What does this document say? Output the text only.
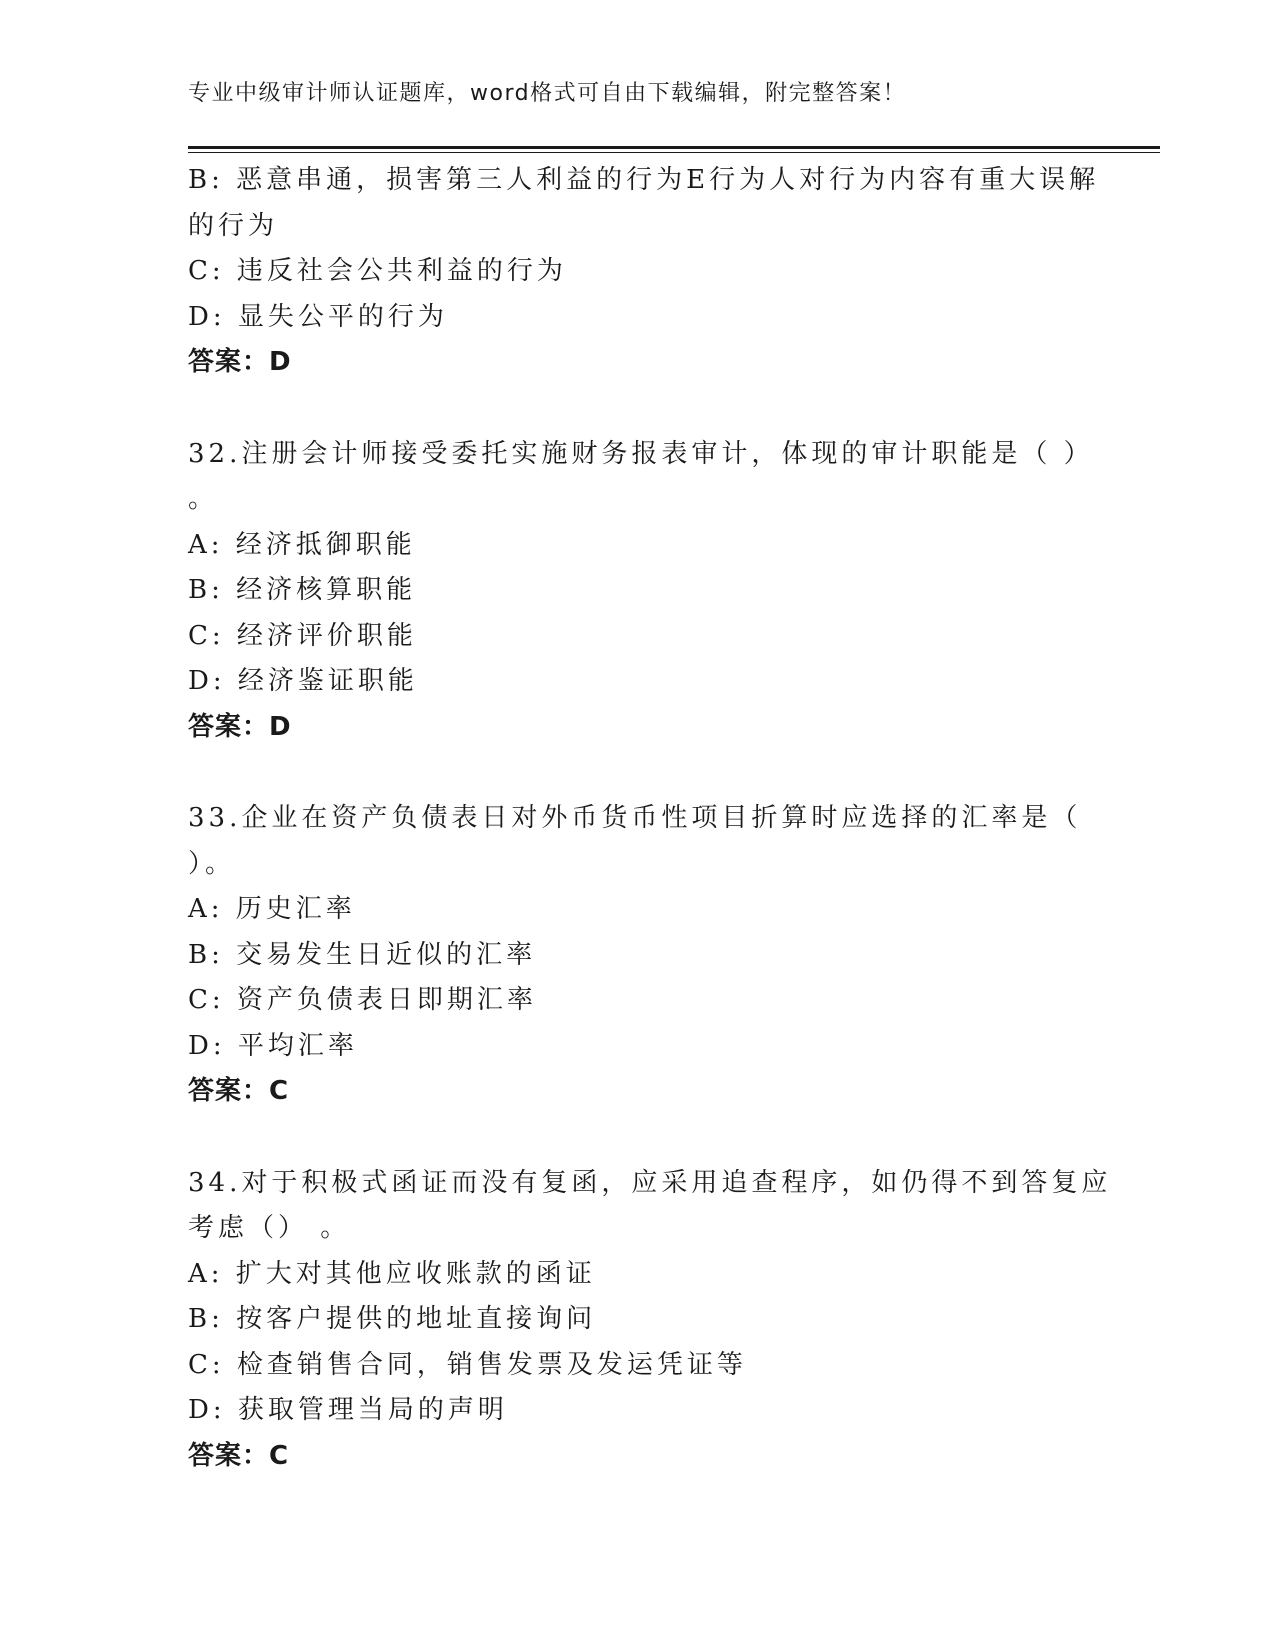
专业中级审计师认证题库，word格式可自由下载编辑，附完整答案！
B: 恶意串通，损害第三人利益的行为E行为人对行为内容有重大误解
的行为
C: 违反社会公共利益的行为
D: 显失公平的行为
答案：D
32.注册会计师接受委托实施财务报表审计，体现的审计职能是（ ）
。
A: 经济抵御职能
B: 经济核算职能
C: 经济评价职能
D: 经济鉴证职能
答案：D
33.企业在资产负债表日对外币货币性项目折算时应选择的汇率是（
）。
A: 历史汇率
B: 交易发生日近似的汇率
C: 资产负债表日即期汇率
D: 平均汇率
答案：C
34.对于积极式函证而没有复函，应采用追查程序，如仍得不到答复应
考虑（） 。
A: 扩大对其他应收账款的函证
B: 按客户提供的地址直接询问
C: 检查销售合同，销售发票及发运凭证等
D: 获取管理当局的声明
答案：C
